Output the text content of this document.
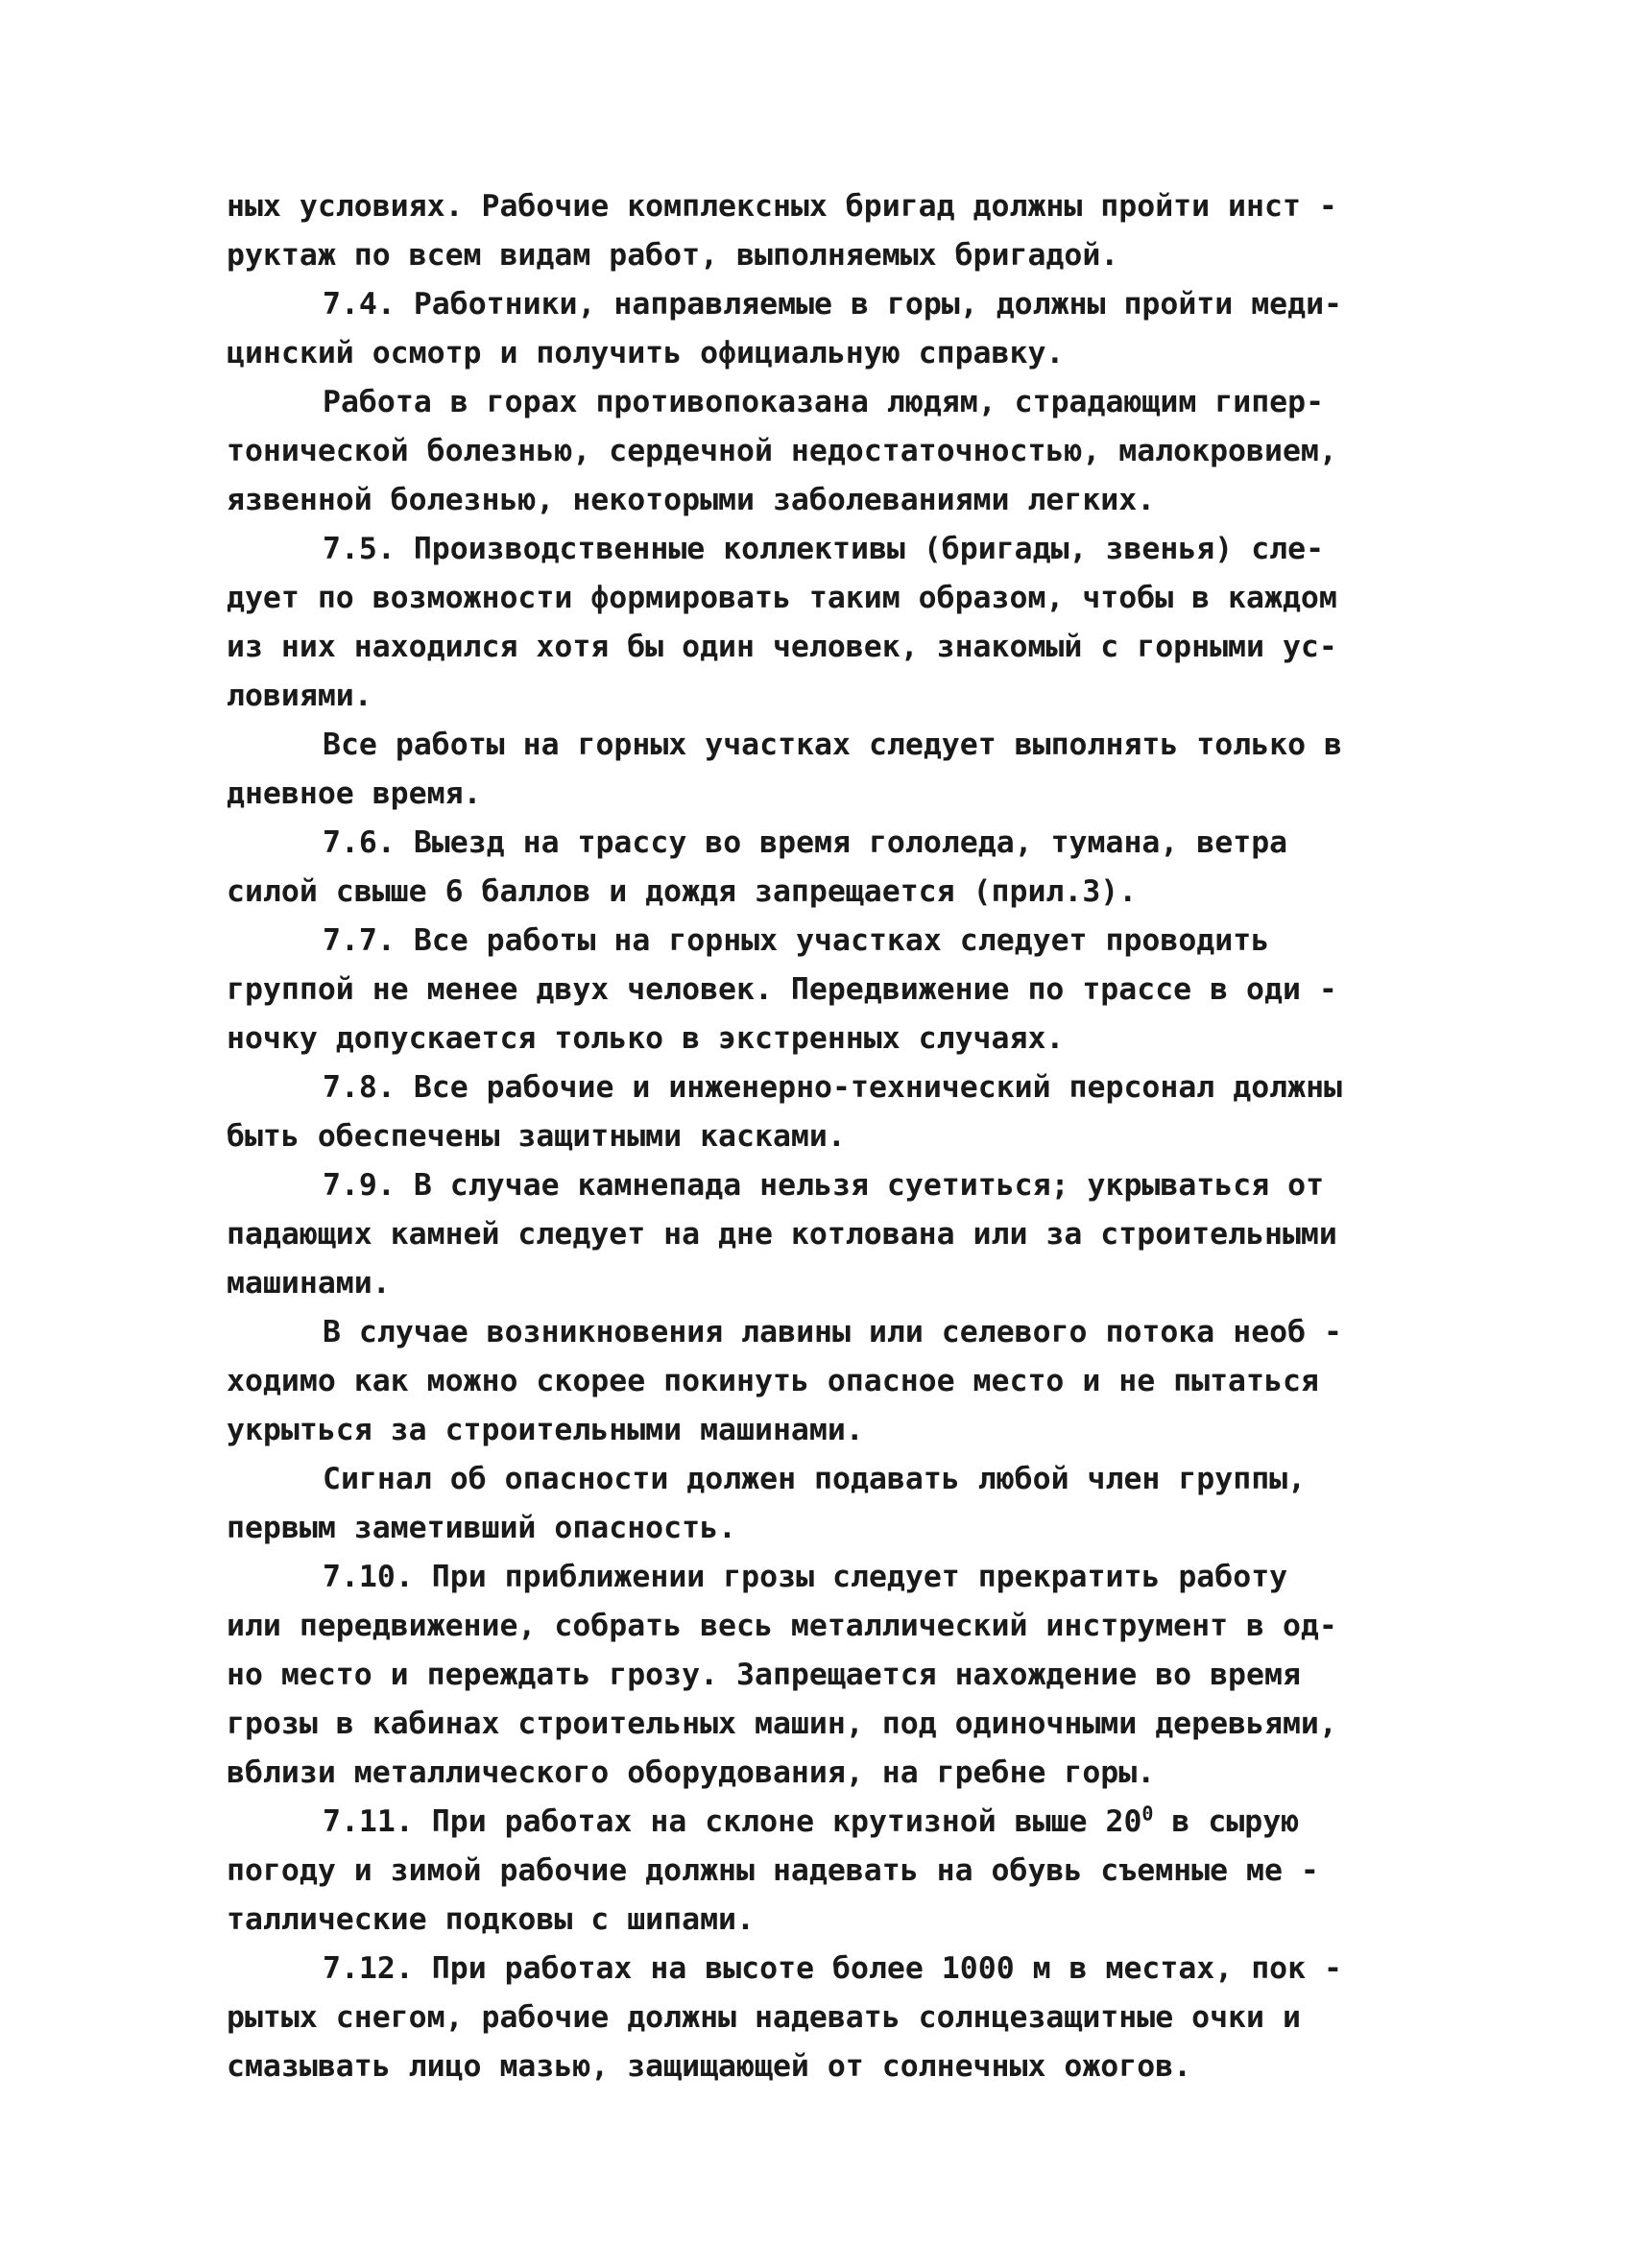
ных условиях. Рабочие комплексных бригад должны пройти инст -
руктаж по всем видам работ, выполняемых бригадой.
7.4. Работники, направляемые в горы, должны пройти меди-
цинский осмотр и получить официальную справку.
Работа в горах противопоказана людям, страдающим гипер-
тонической болезнью, сердечной недостаточностью, малокровием,
язвенной болезнью, некоторыми заболеваниями легких.
7.5. Производственные коллективы (бригады, звенья) сле-
дует по возможности формировать таким образом, чтобы в каждом
из них находился хотя бы один человек, знакомый с горными ус-
ловиями.
Все работы на горных участках следует выполнять только в
дневное время.
7.6. Выезд на трассу во время гололеда, тумана, ветра
силой свыше 6 баллов и дождя запрещается (прил.3).
7.7. Все работы на горных участках следует проводить
группой не менее двух человек. Передвижение по трассе в оди -
ночку допускается только в экстренных случаях.
7.8. Все рабочие и инженерно-технический персонал должны
быть обеспечены защитными касками.
7.9. В случае камнепада нельзя суетиться; укрываться от
падающих камней следует на дне котлована или за строительными
машинами.
В случае возникновения лавины или селевого потока необ -
ходимо как можно скорее покинуть опасное место и не пытаться
укрыться за строительными машинами.
Сигнал об опасности должен подавать любой член группы,
первым заметивший опасность.
7.10. При приближении грозы следует прекратить работу
или передвижение, собрать весь металлический инструмент в од-
но место и переждать грозу. Запрещается нахождение во время
грозы в кабинах строительных машин, под одиночными деревьями,
вблизи металлического оборудования, на гребне горы.
7.11. При работах на склоне крутизной выше $20^0$ в сырую
погоду и зимой рабочие должны надевать на обувь съемные ме -
таллические подковы с шипами.
7.12. При работах на высоте более 1000 м в местах, пок -
рытых снегом, рабочие должны надевать солнцезащитные очки и
смазывать лицо мазью, защищающей от солнечных ожогов.
